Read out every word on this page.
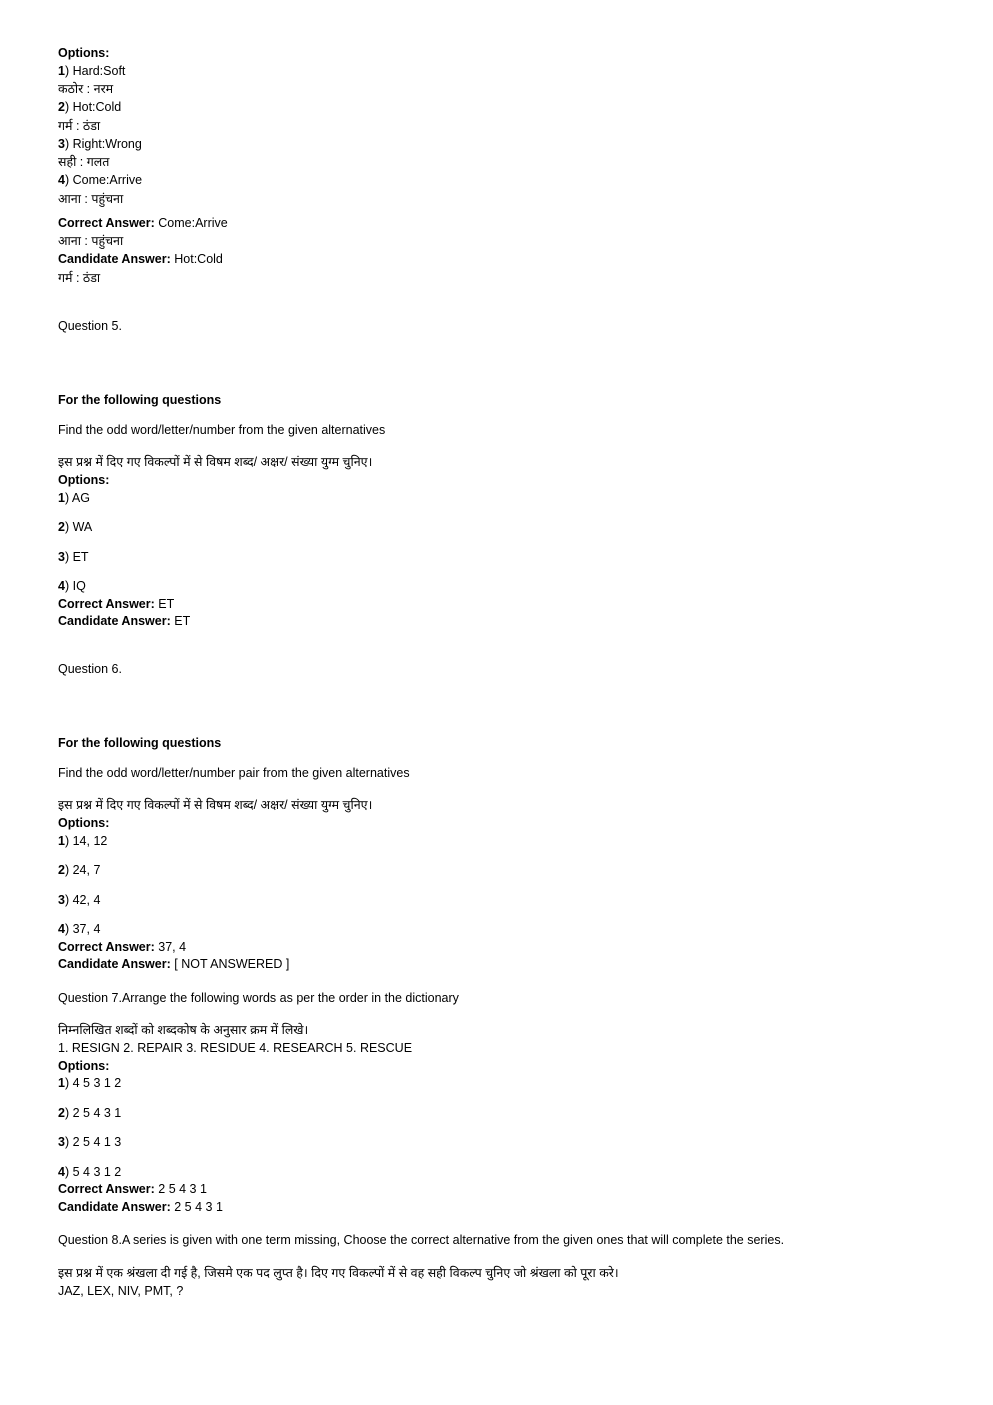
Options:
1) Hard:Soft
कठोर : नरम
2) Hot:Cold
गर्म : ठंडा
3) Right:Wrong
सही : गलत
4) Come:Arrive
आना : पहुंचना
Correct Answer: Come:Arrive
आना : पहुंचना
Candidate Answer: Hot:Cold
गर्म : ठंडा
Question 5.
For the following questions
Find the odd word/letter/number from the given alternatives
इस प्रश्न में दिए गए विकल्पों में से विषम शब्द/ अक्षर/ संख्या युग्म चुनिए।
Options:
1) AG
2) WA
3) ET
4) IQ
Correct Answer: ET
Candidate Answer: ET
Question 6.
For the following questions
Find the odd word/letter/number pair from the given alternatives
इस प्रश्न में दिए गए विकल्पों में से विषम शब्द/ अक्षर/ संख्या युग्म चुनिए।
Options:
1) 14, 12
2) 24, 7
3) 42, 4
4) 37, 4
Correct Answer: 37, 4
Candidate Answer: [ NOT ANSWERED ]
Question 7.Arrange the following words as per the order in the dictionary
निम्नलिखित शब्दों को शब्दकोष के अनुसार क्रम में लिखे।
1. RESIGN 2. REPAIR 3. RESIDUE 4. RESEARCH 5. RESCUE
Options:
1) 4 5 3 1 2
2) 2 5 4 3 1
3) 2 5 4 1 3
4) 5 4 3 1 2
Correct Answer: 2 5 4 3 1
Candidate Answer: 2 5 4 3 1
Question 8.A series is given with one term missing, Choose the correct alternative from the given ones that will complete the series.
इस प्रश्न में एक श्रंखला दी गई है, जिसमे एक पद लुप्त है। दिए गए विकल्पों में से वह सही विकल्प चुनिए जो श्रंखला को पूरा करे।
JAZ, LEX, NIV, PMT, ?
